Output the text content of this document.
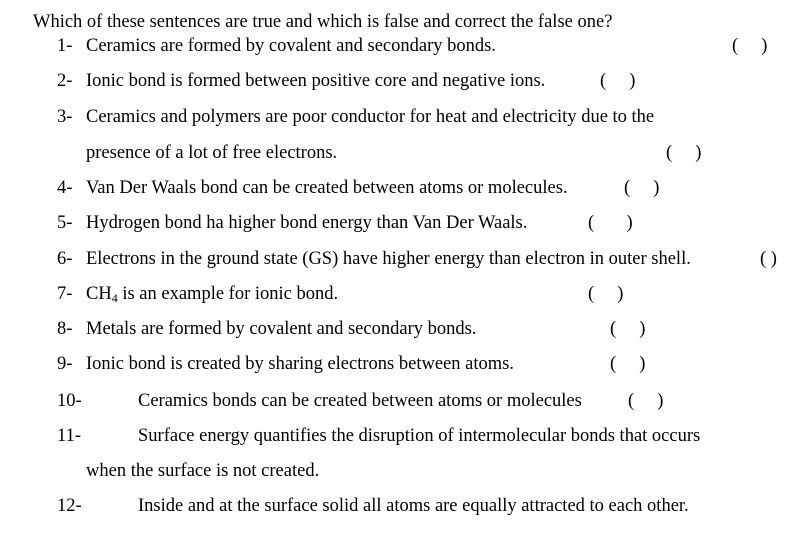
Which of these sentences are true and which is false and correct the false one?
1- Ceramics are formed by covalent and secondary bonds.	(     )
2- Ionic bond is formed between positive core and negative ions.	(     )
3- Ceramics and polymers are poor conductor for heat and electricity due to the
presence of a lot of free electrons.	(     )
4- Van Der Waals bond can be created between atoms or molecules.	(     )
5- Hydrogen bond ha higher bond energy than Van Der Waals.	(       )
6- Electrons in the ground state (GS) have higher energy than electron in outer shell.	( )
7- $CH_4$ is an example for ionic bond.	(     )
8- Metals are formed by covalent and secondary bonds.	(     )
9- Ionic bond is created by sharing electrons between atoms.	(     )
10-	Ceramics bonds can be created between atoms or molecules (     )
11-	Surface energy quantifies the disruption of intermolecular bonds that occurs
when the surface is not created.
12-	Inside and at the surface solid all atoms are equally attracted to each other.
